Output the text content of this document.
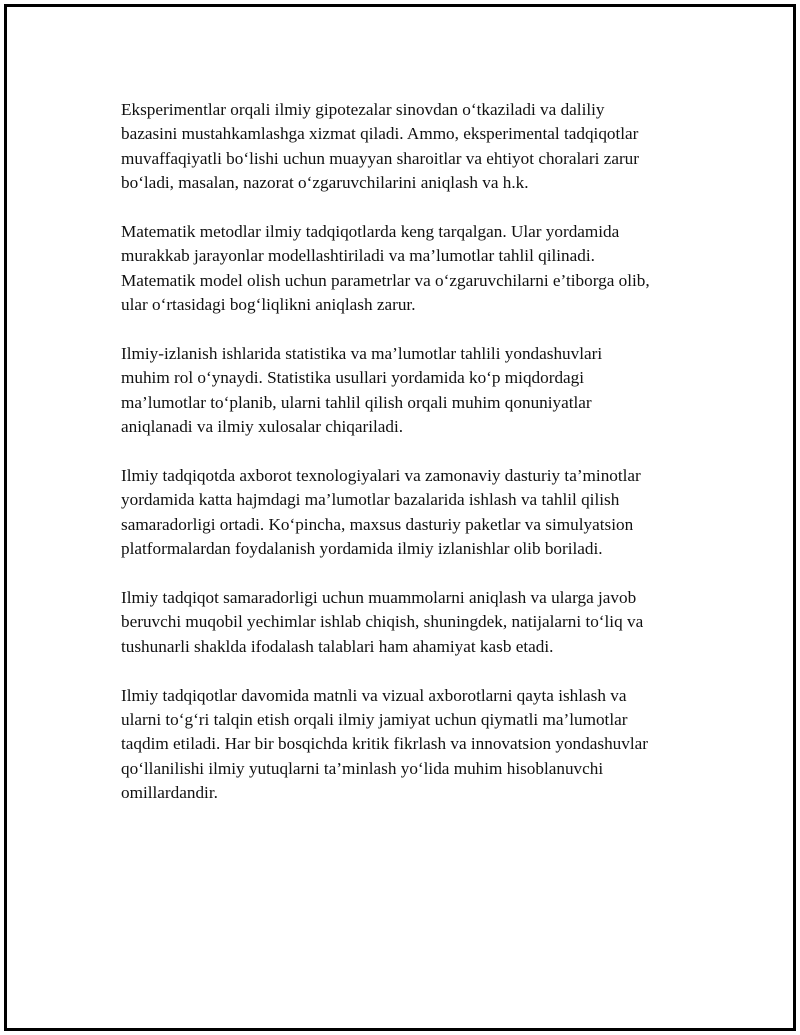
Eksperimentlar orqali ilmiy gipotezalar sinovdan o‘tkaziladi va daliliy
bazasini mustahkamlashga xizmat qiladi. Ammo, eksperimental tadqiqotlar
muvaffaqiyatli bo‘lishi uchun muayyan sharoitlar va ehtiyot choralari zarur
bo‘ladi, masalan, nazorat o‘zgaruvchilarini aniqlash va h.k.

Matematik metodlar ilmiy tadqiqotlarda keng tarqalgan. Ular yordamida
murakkab jarayonlar modellashtiriladi va ma’lumotlar tahlil qilinadi.
Matematik model olish uchun parametrlar va o‘zgaruvchilarni e’tiborga olib,
ular o‘rtasidagi bog‘liqlikni aniqlash zarur.

Ilmiy-izlanish ishlarida statistika va ma’lumotlar tahlili yondashuvlari
muhim rol o‘ynaydi. Statistika usullari yordamida ko‘p miqdordagi
ma’lumotlar to‘planib, ularni tahlil qilish orqali muhim qonuniyatlar
aniqlanadi va ilmiy xulosalar chiqariladi.

Ilmiy tadqiqotda axborot texnologiyalari va zamonaviy dasturiy ta’minotlar
yordamida katta hajmdagi ma’lumotlar bazalarida ishlash va tahlil qilish
samaradorligi ortadi. Ko‘pincha, maxsus dasturiy paketlar va simulyatsion
platformalardan foydalanish yordamida ilmiy izlanishlar olib boriladi.

Ilmiy tadqiqot samaradorligi uchun muammolarni aniqlash va ularga javob
beruvchi muqobil yechimlar ishlab chiqish, shuningdek, natijalarni to‘liq va
tushunarli shaklda ifodalash talablari ham ahamiyat kasb etadi.

Ilmiy tadqiqotlar davomida matnli va vizual axborotlarni qayta ishlash va
ularni to‘g‘ri talqin etish orqali ilmiy jamiyat uchun qiymatli ma’lumotlar
taqdim etiladi. Har bir bosqichda kritik fikrlash va innovatsion yondashuvlar
qo‘llanilishi ilmiy yutuqlarni ta’minlash yo‘lida muhim hisoblanuvchi
omillardandir.
